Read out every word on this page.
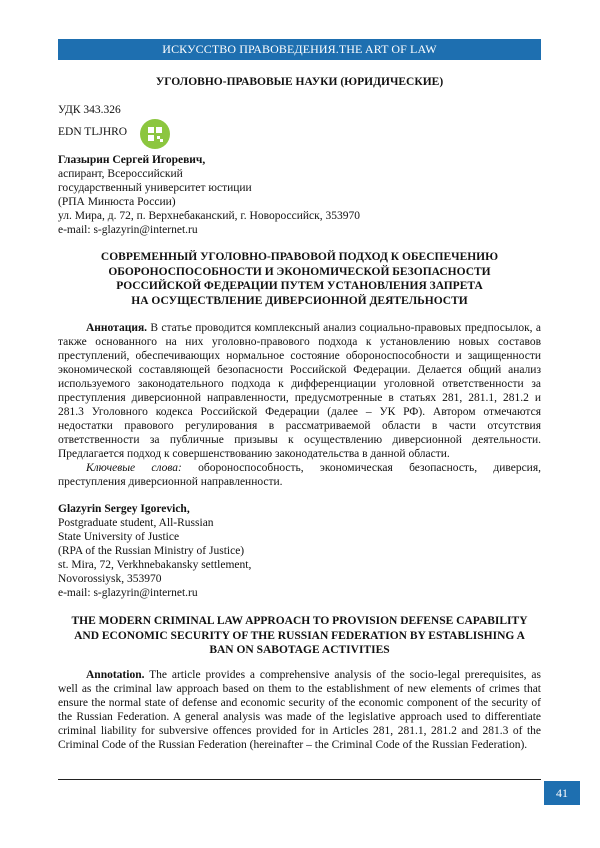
ИСКУССТВО ПРАВОВЕДЕНИЯ.THE ART OF LAW
УГОЛОВНО-ПРАВОВЫЕ НАУКИ (ЮРИДИЧЕСКИЕ)
УДК 343.326
EDN TLJHRO
Глазырин Сергей Игоревич,
аспирант, Всероссийский
государственный университет юстиции
(РПА Минюста России)
ул. Мира, д. 72, п. Верхнебаканский, г. Новороссийск, 353970
e-mail: s-glazyrin@internet.ru
СОВРЕМЕННЫЙ УГОЛОВНО-ПРАВОВОЙ ПОДХОД К ОБЕСПЕЧЕНИЮ
ОБОРОНОСПОСОБНОСТИ И ЭКОНОМИЧЕСКОЙ БЕЗОПАСНОСТИ
РОССИЙСКОЙ ФЕДЕРАЦИИ ПУТЕМ УСТАНОВЛЕНИЯ ЗАПРЕТА
НА ОСУЩЕСТВЛЕНИЕ ДИВЕРСИОННОЙ ДЕЯТЕЛЬНОСТИ

Аннотация. В статье проводится комплексный анализ социально-правовых предпосылок, а также основанного на них уголовно-правового подхода к установлению новых составов преступлений, обеспечивающих нормальное состояние обороноспособности и защищенности экономической составляющей безопасности Российской Федерации. Делается общий анализ используемого законодательного подхода к дифференциации уголовной ответственности за преступления диверсионной направленности, предусмотренные в статьях 281, 281.1, 281.2 и 281.3 Уголовного кодекса Российской Федерации (далее – УК РФ). Автором отмечаются недостатки правового регулирования в рассматриваемой области в части отсутствия ответственности за публичные призывы к осуществлению диверсионной деятельности. Предлагается подход к совершенствованию законодательства в данной области.

Ключевые слова: обороноспособность, экономическая безопасность, диверсия, преступления диверсионной направленности.

Glazyrin Sergey Igorevich,
Postgraduate student, All-Russian
State University of Justice
(RPA of the Russian Ministry of Justice)
st. Mira, 72, Verkhnebakansky settlement,
Novorossiysk, 353970
e-mail: s-glazyrin@internet.ru
THE MODERN CRIMINAL LAW APPROACH TO PROVISION DEFENSE CAPABILITY
AND ECONOMIC SECURITY OF THE RUSSIAN FEDERATION BY ESTABLISHING A
BAN ON SABOTAGE ACTIVITIES

Annotation. The article provides a comprehensive analysis of the socio-legal prerequisites, as well as the criminal law approach based on them to the establishment of new elements of crimes that ensure the normal state of defense and economic security of the economic component of the security of the Russian Federation. A general analysis was made of the legislative approach used to differentiate criminal liability for subversive offences provided for in Articles 281, 281.1, 281.2 and 281.3 of the Criminal Code of the Russian Federation (hereinafter – the Criminal Code of the Russian Federation).

41
